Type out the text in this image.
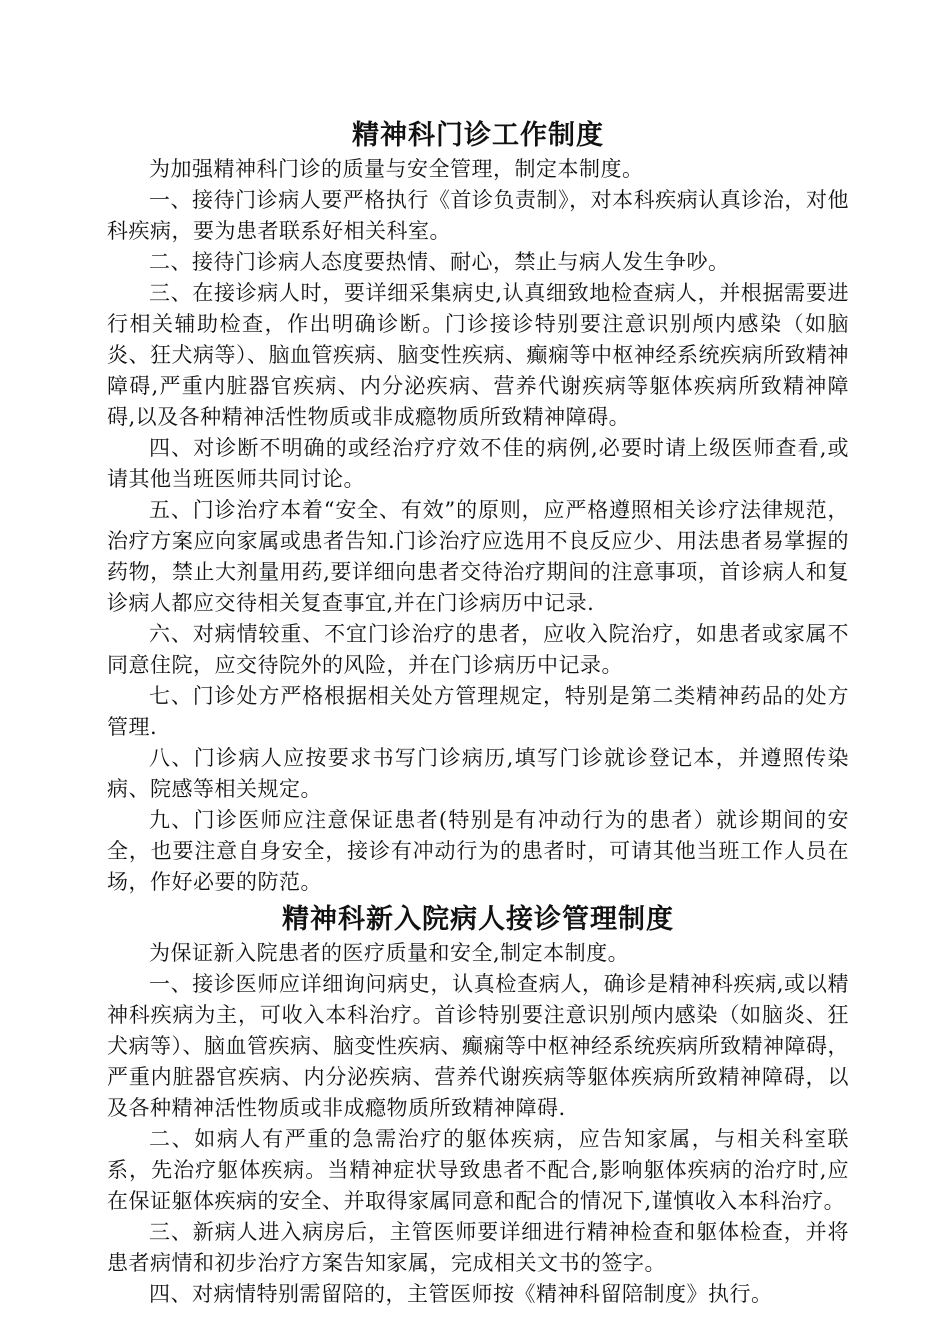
精神科门诊工作制度

为加强精神科门诊的质量与安全管理，制定本制度。

一、接待门诊病人要严格执行《首诊负责制》，对本科疾病认真诊治，对他科疾病，要为患者联系好相关科室。

二、接待门诊病人态度要热情、耐心，禁止与病人发生争吵。

三、在接诊病人时，要详细采集病史,认真细致地检查病人，并根据需要进行相关辅助检查，作出明确诊断。门诊接诊特别要注意识别颅内感染（如脑炎、狂犬病等）、脑血管疾病、脑变性疾病、癫痫等中枢神经系统疾病所致精神障碍,严重内脏器官疾病、内分泌疾病、营养代谢疾病等躯体疾病所致精神障碍,以及各种精神活性物质或非成瘾物质所致精神障碍。

四、对诊断不明确的或经治疗疗效不佳的病例,必要时请上级医师查看,或请其他当班医师共同讨论。

五、门诊治疗本着“安全、有效”的原则，应严格遵照相关诊疗法律规范，治疗方案应向家属或患者告知.门诊治疗应选用不良反应少、用法患者易掌握的药物，禁止大剂量用药,要详细向患者交待治疗期间的注意事项，首诊病人和复诊病人都应交待相关复查事宜,并在门诊病历中记录.

六、对病情较重、不宜门诊治疗的患者，应收入院治疗，如患者或家属不同意住院，应交待院外的风险，并在门诊病历中记录。

七、门诊处方严格根据相关处方管理规定，特别是第二类精神药品的处方管理.

八、门诊病人应按要求书写门诊病历,填写门诊就诊登记本，并遵照传染病、院感等相关规定。

九、门诊医师应注意保证患者(特别是有冲动行为的患者）就诊期间的安全，也要注意自身安全，接诊有冲动行为的患者时，可请其他当班工作人员在场，作好必要的防范。

精神科新入院病人接诊管理制度

为保证新入院患者的医疗质量和安全,制定本制度。

一、接诊医师应详细询问病史，认真检查病人，确诊是精神科疾病,或以精神科疾病为主，可收入本科治疗。首诊特别要注意识别颅内感染（如脑炎、狂犬病等）、脑血管疾病、脑变性疾病、癫痫等中枢神经系统疾病所致精神障碍，严重内脏器官疾病、内分泌疾病、营养代谢疾病等躯体疾病所致精神障碍，以及各种精神活性物质或非成瘾物质所致精神障碍.

二、如病人有严重的急需治疗的躯体疾病，应告知家属，与相关科室联系，先治疗躯体疾病。当精神症状导致患者不配合,影响躯体疾病的治疗时,应在保证躯体疾病的安全、并取得家属同意和配合的情况下,谨慎收入本科治疗。

三、新病人进入病房后，主管医师要详细进行精神检查和躯体检查，并将患者病情和初步治疗方案告知家属，完成相关文书的签字。

四、对病情特别需留陪的，主管医师按《精神科留陪制度》执行。
